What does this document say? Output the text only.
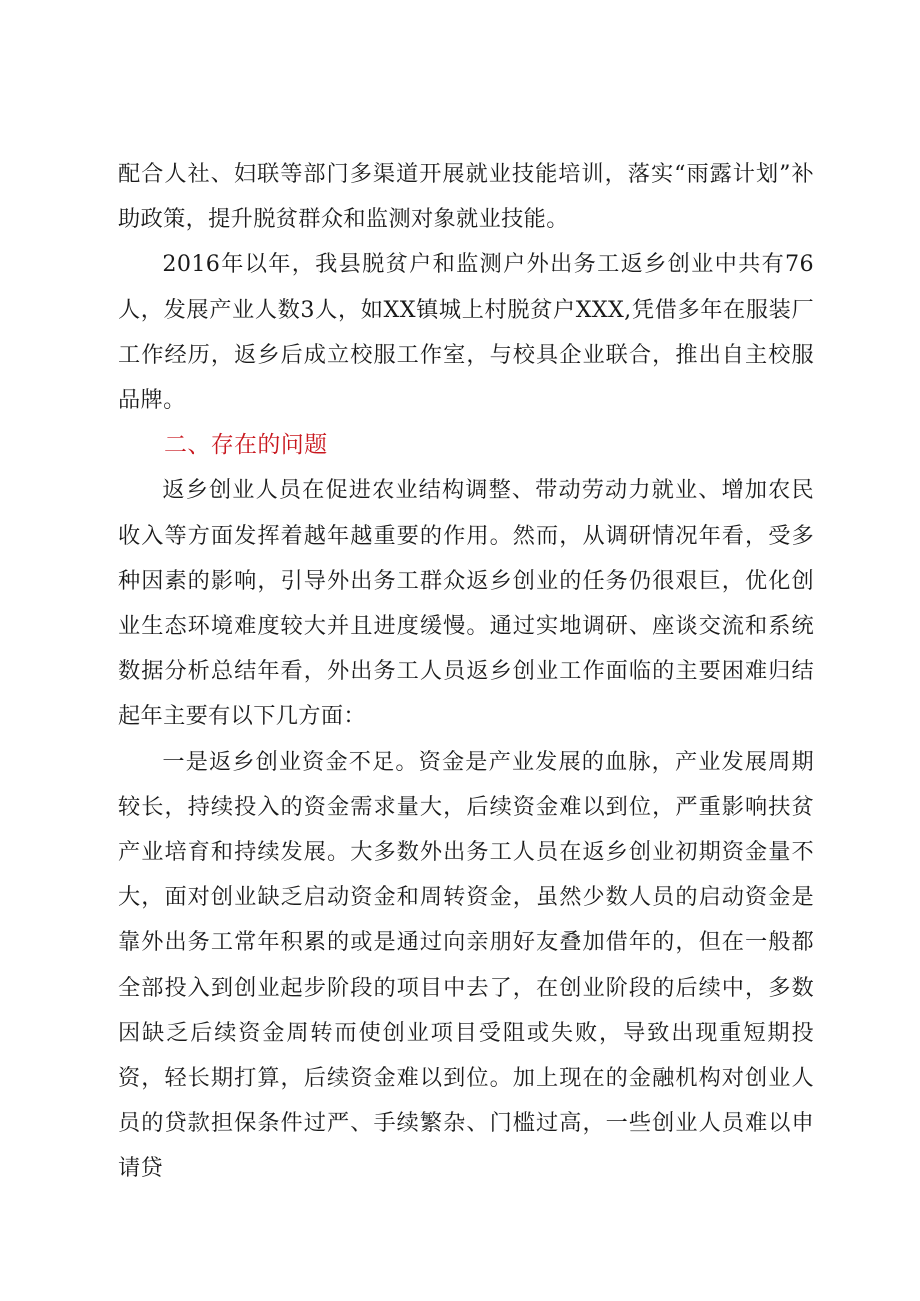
配合人社、妇联等部门多渠道开展就业技能培训，落实“雨露计划”补助政策，提升脱贫群众和监测对象就业技能。

2016年以年，我县脱贫户和监测户外出务工返乡创业中共有76人，发展产业人数3人，如XX镇城上村脱贫户XXX,凭借多年在服装厂工作经历，返乡后成立校服工作室，与校具企业联合，推出自主校服品牌。

二、存在的问题

返乡创业人员在促进农业结构调整、带动劳动力就业、增加农民收入等方面发挥着越年越重要的作用。然而，从调研情况年看，受多种因素的影响，引导外出务工群众返乡创业的任务仍很艰巨，优化创业生态环境难度较大并且进度缓慢。通过实地调研、座谈交流和系统数据分析总结年看，外出务工人员返乡创业工作面临的主要困难归结起年主要有以下几方面：

一是返乡创业资金不足。资金是产业发展的血脉，产业发展周期较长，持续投入的资金需求量大，后续资金难以到位，严重影响扶贫产业培育和持续发展。大多数外出务工人员在返乡创业初期资金量不大，面对创业缺乏启动资金和周转资金，虽然少数人员的启动资金是靠外出务工常年积累的或是通过向亲朋好友叠加借年的，但在一般都全部投入到创业起步阶段的项目中去了，在创业阶段的后续中，多数因缺乏后续资金周转而使创业项目受阻或失败，导致出现重短期投资，轻长期打算，后续资金难以到位。加上现在的金融机构对创业人员的贷款担保条件过严、手续繁杂、门槛过高，一些创业人员难以申请贷
